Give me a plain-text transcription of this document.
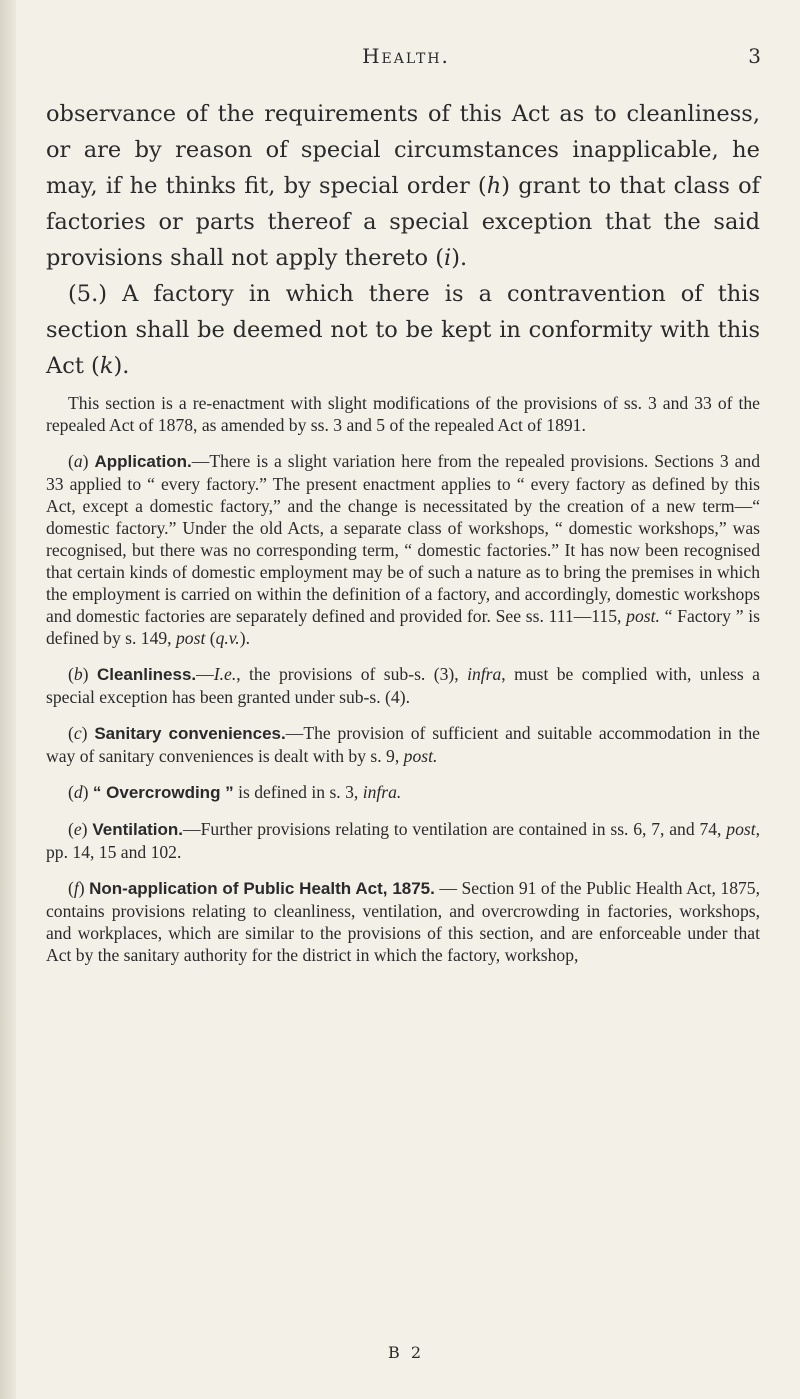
Health.	3

observance of the requirements of this Act as to cleanliness, or are by reason of special circumstances inapplicable, he may, if he thinks fit, by special order (h) grant to that class of factories or parts thereof a special exception that the said provisions shall not apply thereto (i).

(5.) A factory in which there is a contravention of this section shall be deemed not to be kept in conformity with this Act (k).

This section is a re-enactment with slight modifications of the provisions of ss. 3 and 33 of the repealed Act of 1878, as amended by ss. 3 and 5 of the repealed Act of 1891.

(a) Application.—There is a slight variation here from the repealed provisions. Sections 3 and 33 applied to “ every factory.” The present enactment applies to “ every factory as defined by this Act, except a domestic factory,” and the change is necessitated by the creation of a new term—“ domestic factory.” Under the old Acts, a separate class of workshops, “ domestic workshops,” was recognised, but there was no corresponding term, “ domestic factories.” It has now been recognised that certain kinds of domestic employment may be of such a nature as to bring the premises in which the employment is carried on within the definition of a factory, and accordingly, domestic workshops and domestic factories are separately defined and provided for. See ss. 111—115, post. “ Factory ” is defined by s. 149, post (q.v.).

(b) Cleanliness.—I.e., the provisions of sub-s. (3), infra, must be complied with, unless a special exception has been granted under sub-s. (4).

(c) Sanitary conveniences.—The provision of sufficient and suitable accommodation in the way of sanitary conveniences is dealt with by s. 9, post.

(d) “ Overcrowding ” is defined in s. 3, infra.

(e) Ventilation.—Further provisions relating to ventilation are contained in ss. 6, 7, and 74, post, pp. 14, 15 and 102.

(f) Non-application of Public Health Act, 1875. — Section 91 of the Public Health Act, 1875, contains provisions relating to cleanliness, ventilation, and overcrowding in factories, workshops, and workplaces, which are similar to the provisions of this section, and are enforceable under that Act by the sanitary authority for the district in which the factory, workshop,

B 2
